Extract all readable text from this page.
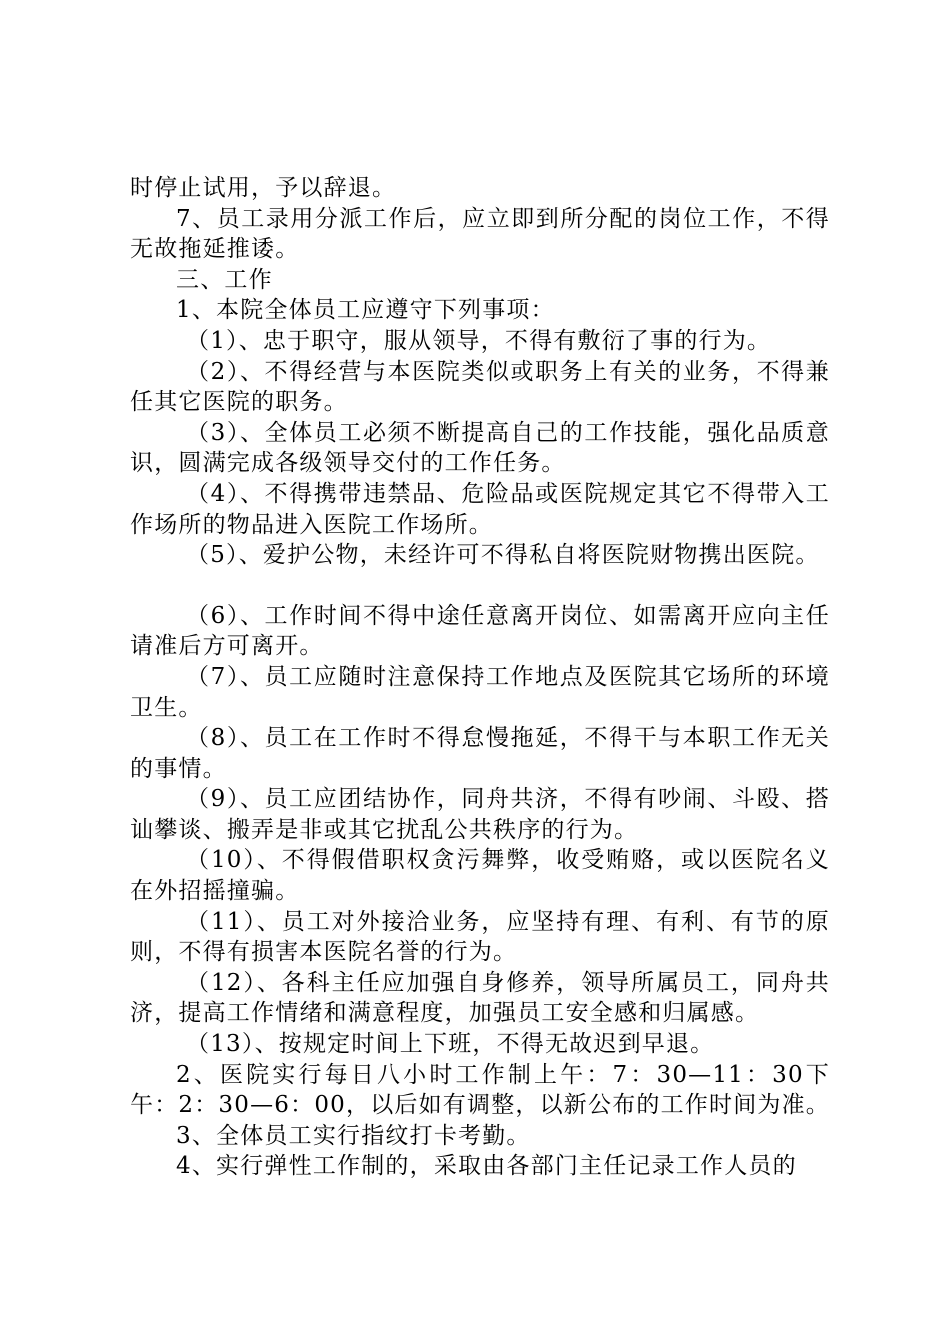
时停止试用，予以辞退。

7、员工录用分派工作后，应立即到所分配的岗位工作，不得无故拖延推诿。

三、工作

1、本院全体员工应遵守下列事项：

（1）、忠于职守，服从领导，不得有敷衍了事的行为。

（2）、不得经营与本医院类似或职务上有关的业务，不得兼任其它医院的职务。

（3）、全体员工必须不断提高自己的工作技能，强化品质意识，圆满完成各级领导交付的工作任务。

（4）、不得携带违禁品、危险品或医院规定其它不得带入工作场所的物品进入医院工作场所。

（5）、爱护公物，未经许可不得私自将医院财物携出医院。

（6）、工作时间不得中途任意离开岗位、如需离开应向主任请准后方可离开。

（7）、员工应随时注意保持工作地点及医院其它场所的环境卫生。

（8）、员工在工作时不得怠慢拖延，不得干与本职工作无关的事情。

（9）、员工应团结协作，同舟共济，不得有吵闹、斗殴、搭讪攀谈、搬弄是非或其它扰乱公共秩序的行为。

（10）、不得假借职权贪污舞弊，收受贿赂，或以医院名义在外招摇撞骗。

（11）、员工对外接洽业务，应坚持有理、有利、有节的原则，不得有损害本医院名誉的行为。

（12）、各科主任应加强自身修养，领导所属员工，同舟共济，提高工作情绪和满意程度，加强员工安全感和归属感。

（13）、按规定时间上下班，不得无故迟到早退。

2、医院实行每日八小时工作制上午：7：30—11：30下午：2：30—6：00，以后如有调整，以新公布的工作时间为准。

3、全体员工实行指纹打卡考勤。

4、实行弹性工作制的，采取由各部门主任记录工作人员的
